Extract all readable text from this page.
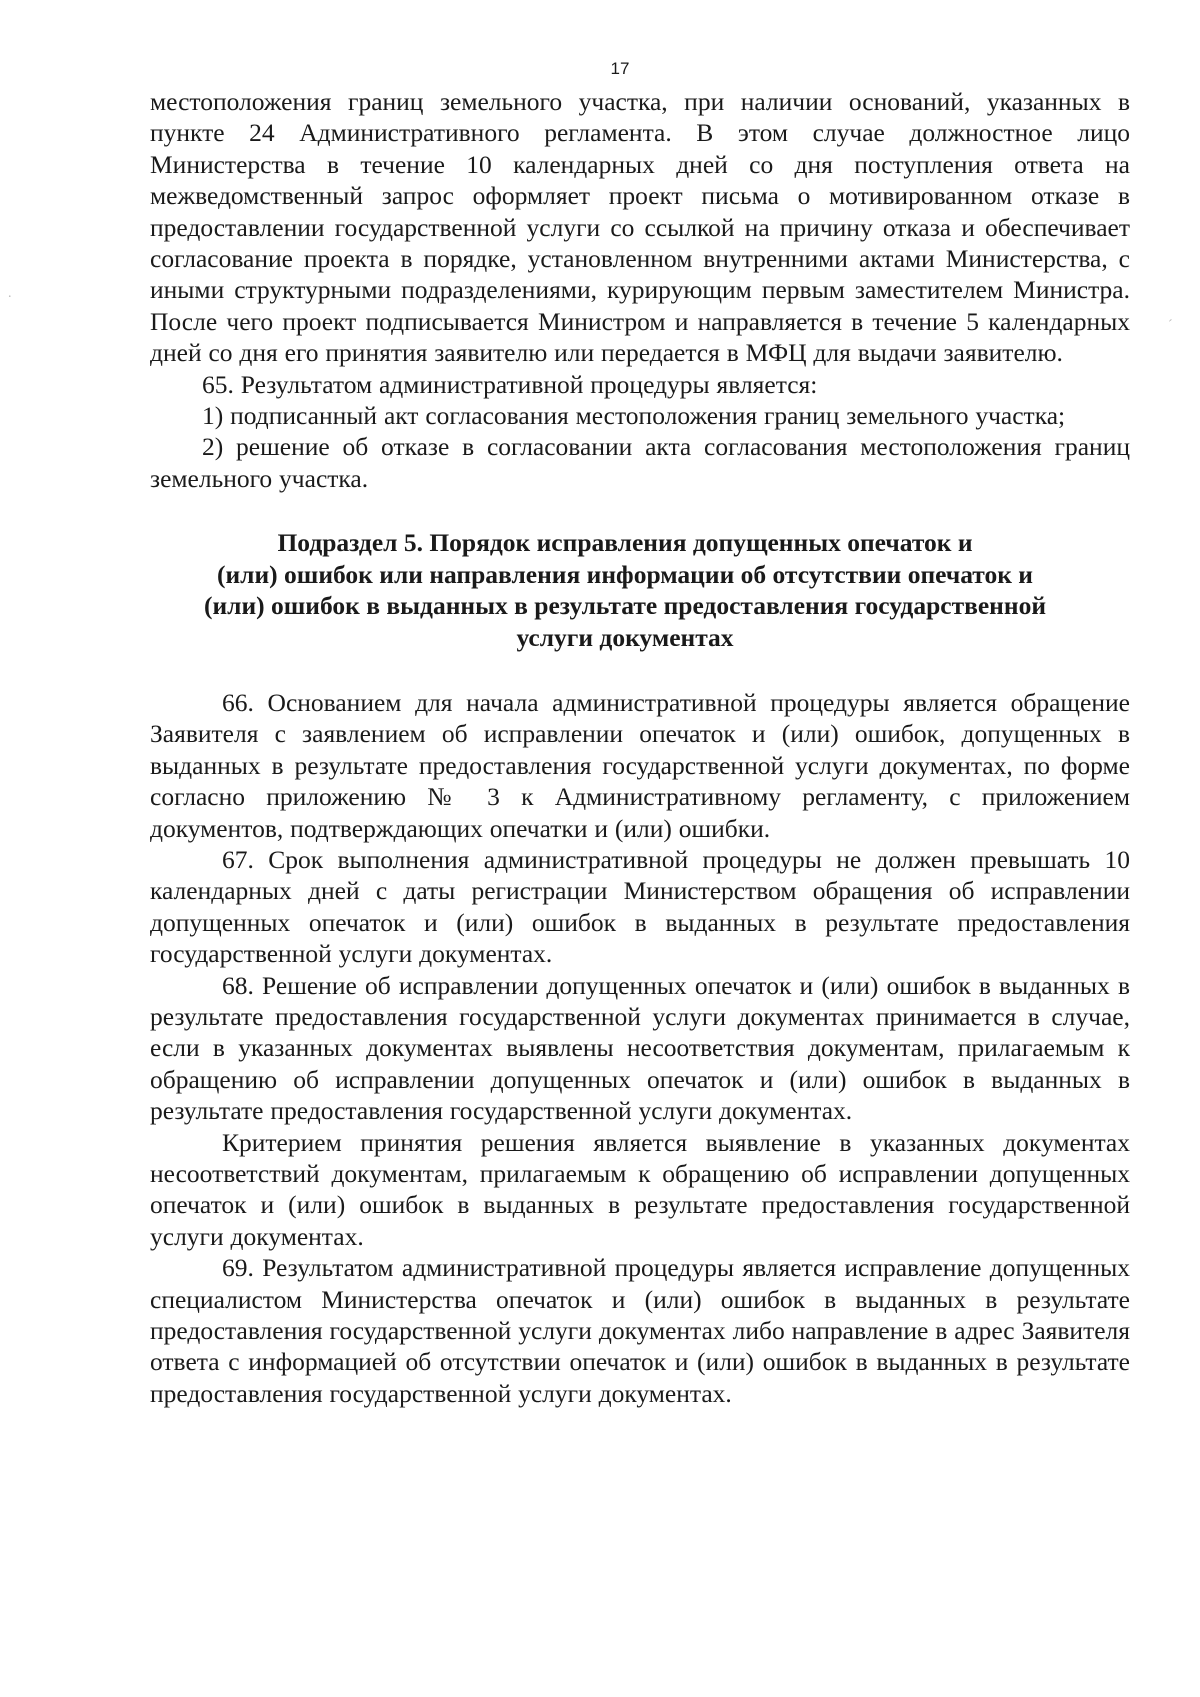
.
ˊ
17

местоположения границ земельного участка, при наличии оснований, указанных в пункте 24 Административного регламента. В этом случае должностное лицо Министерства в течение 10 календарных дней со дня поступления ответа на межведомственный запрос оформляет проект письма о мотивированном отказе в предоставлении государственной услуги со ссылкой на причину отказа и обеспечивает согласование проекта в порядке, установленном внутренними актами Министерства, с иными структурными подразделениями, курирующим первым заместителем Министра. После чего проект подписывается Министром и направляется в течение 5 календарных дней со дня его принятия заявителю или передается в МФЦ для выдачи заявителю.

65. Результатом административной процедуры является:

1) подписанный акт согласования местоположения границ земельного участка;

2) решение об отказе в согласовании акта согласования местоположения границ земельного участка.

Подраздел 5. Порядок исправления допущенных опечаток и
(или) ошибок или направления информации об отсутствии опечаток и
(или) ошибок в выданных в результате предоставления государственной
услуги документах

66. Основанием для начала административной процедуры является обращение Заявителя с заявлением об исправлении опечаток и (или) ошибок, допущенных в выданных в результате предоставления государственной услуги документах, по форме согласно приложению № 3 к Административному регламенту, с приложением документов, подтверждающих опечатки и (или) ошибки.

67. Срок выполнения административной процедуры не должен превышать 10 календарных дней с даты регистрации Министерством обращения об исправлении допущенных опечаток и (или) ошибок в выданных в результате предоставления государственной услуги документах.

68. Решение об исправлении допущенных опечаток и (или) ошибок в выданных в результате предоставления государственной услуги документах принимается в случае, если в указанных документах выявлены несоответствия документам, прилагаемым к обращению об исправлении допущенных опечаток и (или) ошибок в выданных в результате предоставления государственной услуги документах.

Критерием принятия решения является выявление в указанных документах несоответствий документам, прилагаемым к обращению об исправлении допущенных опечаток и (или) ошибок в выданных в результате предоставления государственной услуги документах.

69. Результатом административной процедуры является исправление допущенных специалистом Министерства опечаток и (или) ошибок в выданных в результате предоставления государственной услуги документах либо направление в адрес Заявителя ответа с информацией об отсутствии опечаток и (или) ошибок в выданных в результате предоставления государственной услуги документах.
